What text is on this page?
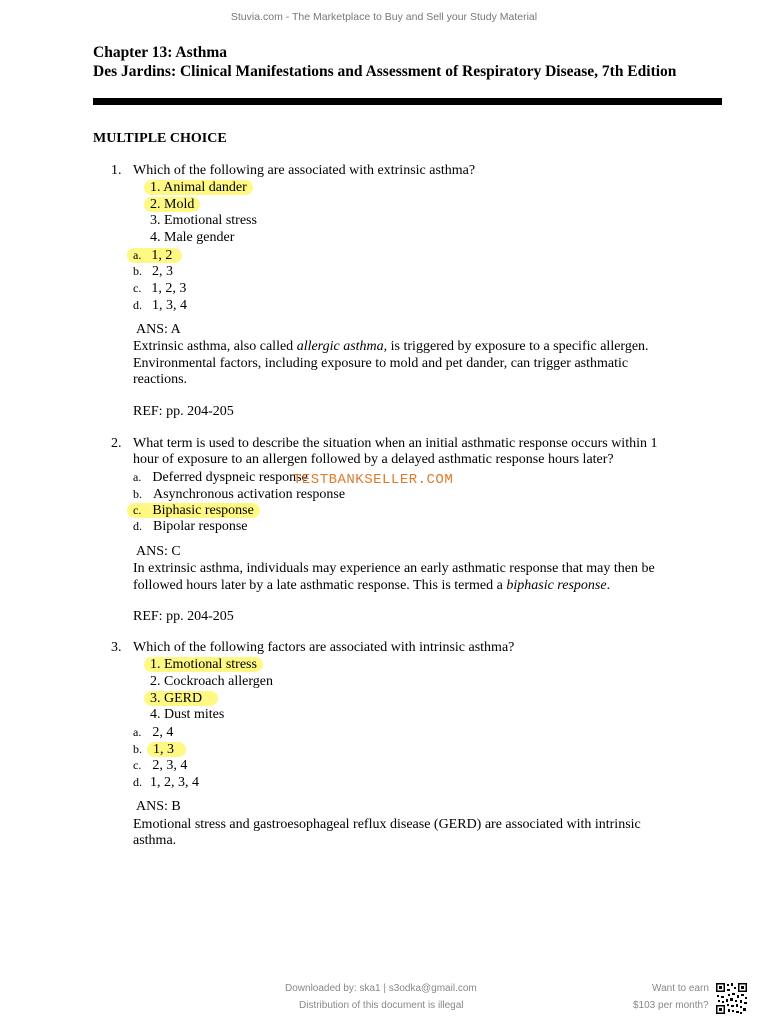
Stuvia.com - The Marketplace to Buy and Sell your Study Material
Chapter 13: Asthma
Des Jardins: Clinical Manifestations and Assessment of Respiratory Disease, 7th Edition
MULTIPLE CHOICE
1. Which of the following are associated with extrinsic asthma?
1. Animal dander
2. Mold
3. Emotional stress
4. Male gender
a. 1, 2
b. 2, 3
c. 1, 2, 3
d. 1, 3, 4
ANS: A
Extrinsic asthma, also called allergic asthma, is triggered by exposure to a specific allergen.
Environmental factors, including exposure to mold and pet dander, can trigger asthmatic
reactions.
REF: pp. 204-205
2. What term is used to describe the situation when an initial asthmatic response occurs within 1
hour of exposure to an allergen followed by a delayed asthmatic response hours later?
a. Deferred dyspneic response
b. Asynchronous activation response
c. Biphasic response
d. Bipolar response
ANS: C
In extrinsic asthma, individuals may experience an early asthmatic response that may then be
followed hours later by a late asthmatic response. This is termed a biphasic response.
REF: pp. 204-205
3. Which of the following factors are associated with intrinsic asthma?
1. Emotional stress
2. Cockroach allergen
3. GERD
4. Dust mites
a. 2, 4
b. 1, 3
c. 2, 3, 4
d. 1, 2, 3, 4
ANS: B
Emotional stress and gastroesophageal reflux disease (GERD) are associated with intrinsic
asthma.
TESTBANKSELLER.COM
Downloaded by: ska1 | s3odka@gmail.com
Distribution of this document is illegal
Want to earn
$103 per month?
